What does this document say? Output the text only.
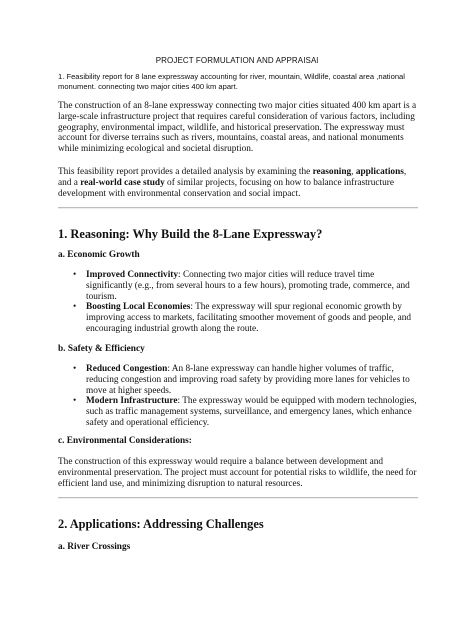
PROJECT FORMULATION AND APPRAISAl
1. Feasibility report for 8 lane expressway accounting for river, mountain, Wildlife, coastal area ,national monument. connecting two major cities 400 km apart.
The construction of an 8-lane expressway connecting two major cities situated 400 km apart is a large-scale infrastructure project that requires careful consideration of various factors, including geography, environmental impact, wildlife, and historical preservation. The expressway must account for diverse terrains such as rivers, mountains, coastal areas, and national monuments while minimizing ecological and societal disruption.
This feasibility report provides a detailed analysis by examining the reasoning, applications, and a real-world case study of similar projects, focusing on how to balance infrastructure development with environmental conservation and social impact.
1. Reasoning: Why Build the 8-Lane Expressway?
a. Economic Growth
• Improved Connectivity: Connecting two major cities will reduce travel time significantly (e.g., from several hours to a few hours), promoting trade, commerce, and tourism.
• Boosting Local Economies: The expressway will spur regional economic growth by improving access to markets, facilitating smoother movement of goods and people, and encouraging industrial growth along the route.
b. Safety & Efficiency
• Reduced Congestion: An 8-lane expressway can handle higher volumes of traffic, reducing congestion and improving road safety by providing more lanes for vehicles to move at higher speeds.
• Modern Infrastructure: The expressway would be equipped with modern technologies, such as traffic management systems, surveillance, and emergency lanes, which enhance safety and operational efficiency.
c. Environmental Considerations:
The construction of this expressway would require a balance between development and environmental preservation. The project must account for potential risks to wildlife, the need for efficient land use, and minimizing disruption to natural resources.
2. Applications: Addressing Challenges
a. River Crossings
